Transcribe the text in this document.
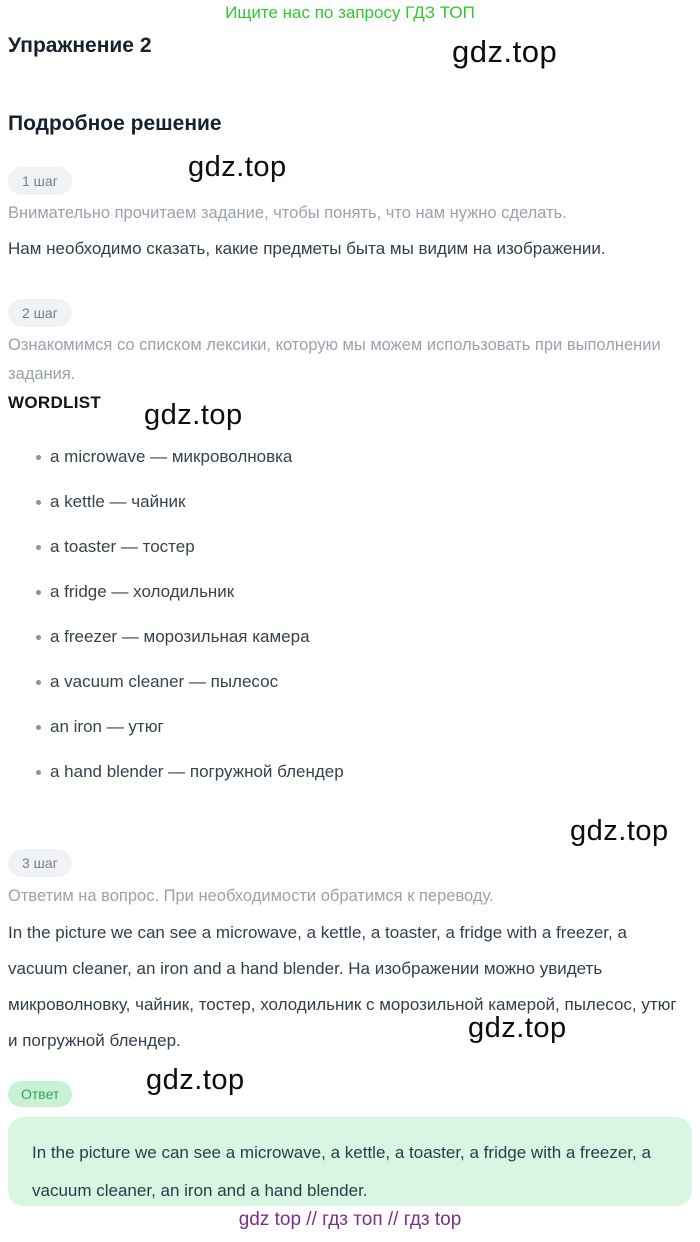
Ищите нас по запросу ГДЗ ТОП
Упражнение 2	gdz.top
Подробное решение
gdz.top
1 шаг
Внимательно прочитаем задание, чтобы понять, что нам нужно сделать.
Нам необходимо сказать, какие предметы быта мы видим на изображении.
2 шаг
Ознакомимся со списком лексики, которую мы можем использовать при выполнении задания.
WORDLIST gdz.top
a microwave — микроволновка
a kettle — чайник
a toaster — тостер
a fridge — холодильник
a freezer — морозильная камера
a vacuum cleaner — пылесос
an iron — утюг
a hand blender — погружной блендер
gdz.top
3 шаг
Ответим на вопрос. При необходимости обратимся к переводу.
In the picture we can see a microwave, a kettle, a toaster, a fridge with a freezer, a vacuum cleaner, an iron and a hand blender. На изображении можно увидеть микроволновку, чайник, тостер, холодильник с морозильной камерой, пылесос, утюг и погружной блендер.	gdz.top
gdz.top
Ответ
In the picture we can see a microwave, a kettle, a toaster, a fridge with a freezer, a vacuum cleaner, an iron and a hand blender.
gdz top // гдз топ // гдз top
